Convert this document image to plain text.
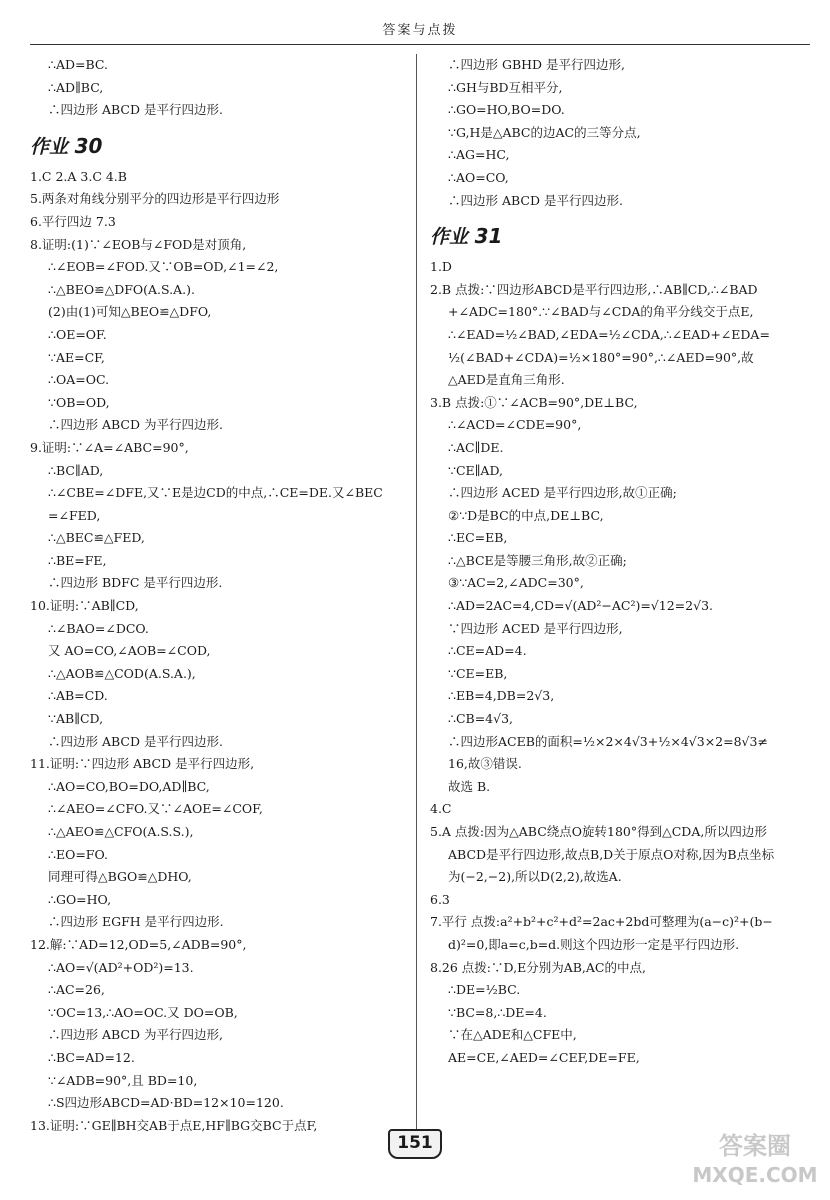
答案与点拨
∴AD=BC.
∴AD∥BC,
∴四边形 ABCD 是平行四边形.
作业 30
1.C 2.A 3.C 4.B
5.两条对角线分别平分的四边形是平行四边形
6.平行四边 7.3
8.证明:(1)∵∠EOB与∠FOD是对顶角,
∴∠EOB=∠FOD.又∵OB=OD,∠1=∠2,
∴△BEO≌△DFO(A.S.A.).
(2)由(1)可知△BEO≌△DFO,
∴OE=OF.
∵AE=CF,
∴OA=OC.
∵OB=OD,
∴四边形 ABCD 为平行四边形.
9.证明:∵∠A=∠ABC=90°,
∴BC∥AD,
∴∠CBE=∠DFE,又∵E是边CD的中点,∴CE=DE.又∠BEC
=∠FED,
∴△BEC≌△FED,
∴BE=FE,
∴四边形 BDFC 是平行四边形.
10.证明:∵AB∥CD,
∴∠BAO=∠DCO.
又 AO=CO,∠AOB=∠COD,
∴△AOB≌△COD(A.S.A.),
∴AB=CD.
∵AB∥CD,
∴四边形 ABCD 是平行四边形.
11.证明:∵四边形 ABCD 是平行四边形,
∴AO=CO,BO=DO,AD∥BC,
∴∠AEO=∠CFO.又∵∠AOE=∠COF,
∴△AEO≌△CFO(A.S.S.),
∴EO=FO.
同理可得△BGO≌△DHO,
∴GO=HO,
∴四边形 EGFH 是平行四边形.
12.解:∵AD=12,OD=5,∠ADB=90°,
∴AO=√(AD²+OD²)=13.
∴AC=26,
∵OC=13,∴AO=OC.又 DO=OB,
∴四边形 ABCD 为平行四边形,
∴BC=AD=12.
∵∠ADB=90°,且 BD=10,
∴S四边形ABCD=AD·BD=12×10=120.
13.证明:∵GE∥BH交AB于点E,HF∥BG交BC于点F,
∴四边形 GBHD 是平行四边形,
∴GH与BD互相平分,
∴GO=HO,BO=DO.
∵G,H是△ABC的边AC的三等分点,
∴AG=HC,
∴AO=CO,
∴四边形 ABCD 是平行四边形.
作业 31
1.D
2.B 点拨:∵四边形ABCD是平行四边形,∴AB∥CD,∴∠BAD
+∠ADC=180°.∵∠BAD与∠CDA的角平分线交于点E,
∴∠EAD=½∠BAD,∠EDA=½∠CDA,∴∠EAD+∠EDA=
½(∠BAD+∠CDA)=½×180°=90°,∴∠AED=90°,故
△AED是直角三角形.
3.B 点拨:①∵∠ACB=90°,DE⊥BC,
∴∠ACD=∠CDE=90°,
∴AC∥DE.
∵CE∥AD,
∴四边形 ACED 是平行四边形,故①正确;
②∵D是BC的中点,DE⊥BC,
∴EC=EB,
∴△BCE是等腰三角形,故②正确;
③∵AC=2,∠ADC=30°,
∴AD=2AC=4,CD=√(AD²−AC²)=√12=2√3.
∵四边形 ACED 是平行四边形,
∴CE=AD=4.
∵CE=EB,
∴EB=4,DB=2√3,
∴CB=4√3,
∴四边形ACEB的面积=½×2×4√3+½×4√3×2=8√3≠
16,故③错误.
故选 B.
4.C
5.A 点拨:因为△ABC绕点O旋转180°得到△CDA,所以四边形
ABCD是平行四边形,故点B,D关于原点O对称,因为B点坐标
为(−2,−2),所以D(2,2),故选A.
6.3
7.平行 点拨:a²+b²+c²+d²=2ac+2bd可整理为(a−c)²+(b−
d)²=0,即a=c,b=d.则这个四边形一定是平行四边形.
8.26 点拨:∵D,E分别为AB,AC的中点,
∴DE=½BC.
∵BC=8,∴DE=4.
∵在△ADE和△CFE中,
AE=CE,∠AED=∠CEF,DE=FE,
151	答案圈
MXQE.COM
